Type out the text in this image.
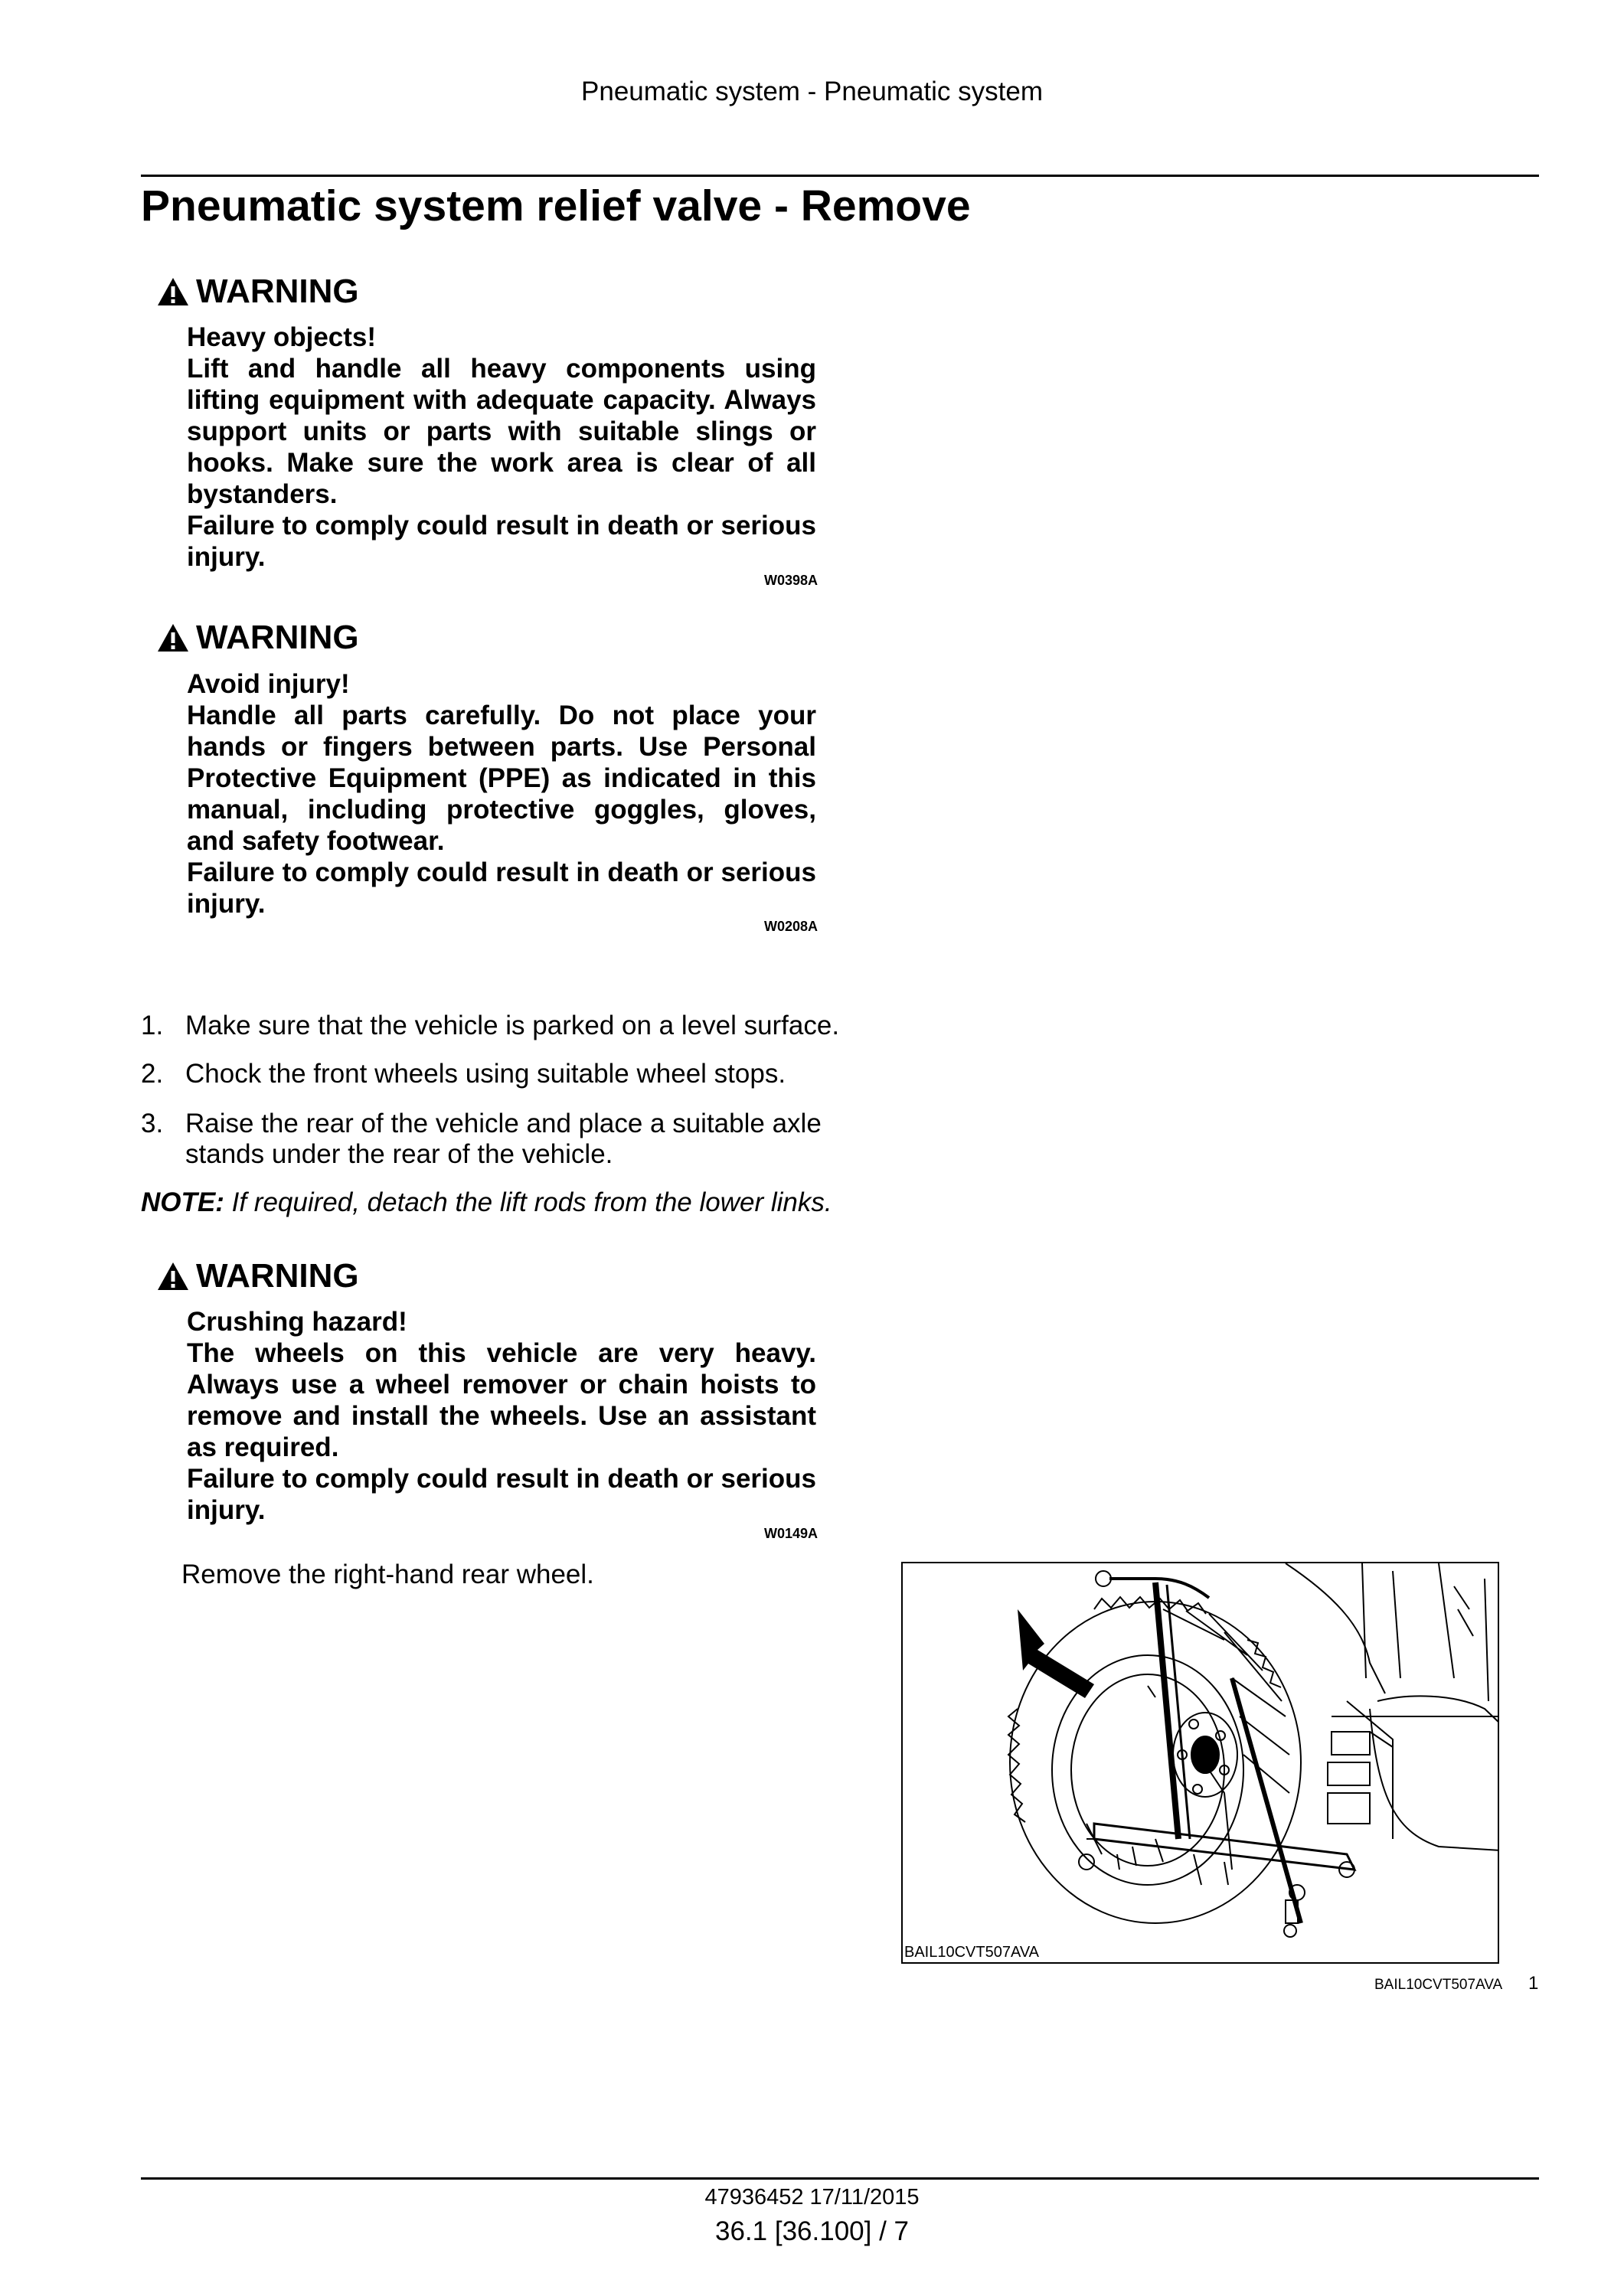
Pneumatic system - Pneumatic system
Pneumatic system relief valve - Remove
WARNING
Heavy objects!
Lift and handle all heavy components using lifting equipment with adequate capacity. Always support units or parts with suitable slings or hooks. Make sure the work area is clear of all bystanders.
Failure to comply could result in death or serious injury.
W0398A
WARNING
Avoid injury!
Handle all parts carefully. Do not place your hands or fingers between parts. Use Personal Protective Equipment (PPE) as indicated in this manual, including protective goggles, gloves, and safety footwear.
Failure to comply could result in death or serious injury.
W0208A
1. Make sure that the vehicle is parked on a level surface.
2. Chock the front wheels using suitable wheel stops.
3. Raise the rear of the vehicle and place a suitable axle stands under the rear of the vehicle.
NOTE: If required, detach the lift rods from the lower links.
WARNING
Crushing hazard!
The wheels on this vehicle are very heavy. Always use a wheel remover or chain hoists to remove and install the wheels. Use an assistant as required.
Failure to comply could result in death or serious injury.
W0149A
Remove the right-hand rear wheel.
BAIL10CVT507AVA
BAIL10CVT507AVA 1
47936452 17/11/2015
36.1 [36.100] / 7
